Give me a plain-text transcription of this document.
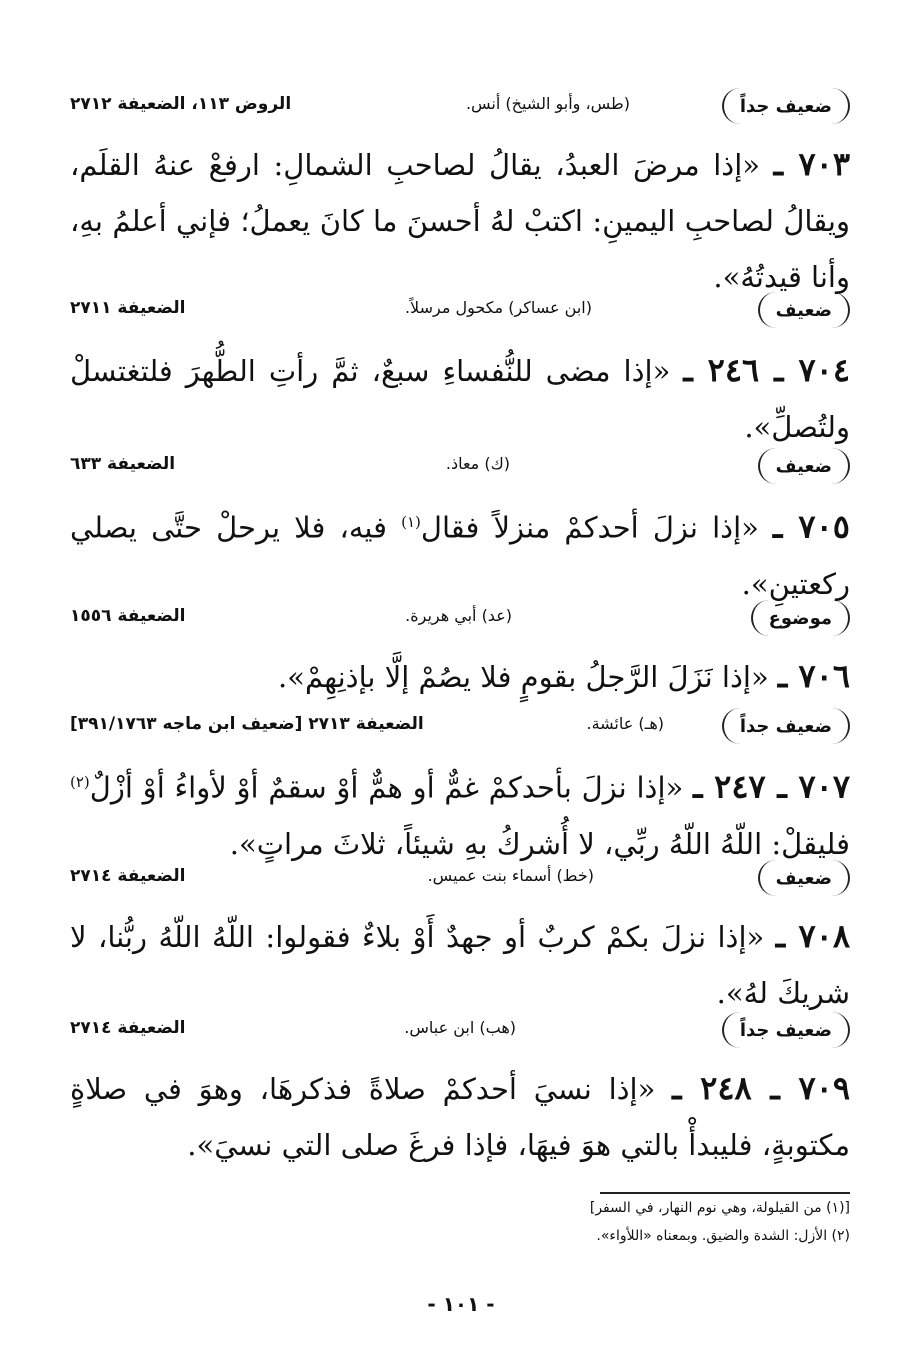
ضعيف جداً
(طس، وأبو الشيخ) أنس.
الروض ١١٣، الضعيفة ٢٧١٢
٧٠٣ ـ «إذا مرضَ العبدُ، يقالُ لصاحبِ الشمالِ: ارفعْ عنهُ القلَم، ويقالُ لصاحبِ اليمينِ: اكتبْ لهُ أحسنَ ما كانَ يعملُ؛ فإني أعلمُ بهِ، وأنا قيدتُهُ».
ضعيف
(ابن عساكر) مكحول مرسلاً.
الضعيفة ٢٧١١
٧٠٤ ـ ٢٤٦ ـ «إذا مضى للنُّفساءِ سبعٌ، ثمَّ رأتِ الطُّهرَ فلتغتسلْ ولتُصلِّ».
ضعيف
(ك) معاذ.
الضعيفة ٦٣٣
٧٠٥ ـ «إذا نزلَ أحدكمْ منزلاً فقال$^{(١)}$ فيه، فلا يرحلْ حتَّى يصلي ركعتينِ».
موضوع
(عد) أبي هريرة.
الضعيفة ١٥٥٦
٧٠٦ ـ «إذا نَزَلَ الرَّجلُ بقومٍ فلا يصُمْ إلَّا بإذنِهِمْ».
ضعيف جداً
(هـ) عائشة.
الضعيفة ٢٧١٣ [ضعيف ابن ماجه ٣٩١/١٧٦٣]
٧٠٧ ـ ٢٤٧ ـ «إذا نزلَ بأحدكمْ غمٌّ أو همٌّ أوْ سقمٌ أوْ لأواءُ أوْ أزْلٌ$^{(٢)}$ فليقلْ: اللّهُ اللّهُ ربِّي، لا أُشركُ بهِ شيئاً، ثلاثَ مراتٍ».
ضعيف
(خط) أسماء بنت عميس.
الضعيفة ٢٧١٤
٧٠٨ ـ «إذا نزلَ بكمْ كربٌ أو جهدٌ أَوْ بلاءٌ فقولوا: اللّهُ اللّهُ ربُّنا، لا شريكَ لهُ».
ضعيف جداً
(هب) ابن عباس.
الضعيفة ٢٧١٤
٧٠٩ ـ ٢٤٨ ـ «إذا نسيَ أحدكمْ صلاةً فذكرهَا، وهوَ في صلاةٍ مكتوبةٍ، فليبدأْ بالتي هوَ فيهَا، فإذا فرغَ صلى التي نسيَ».
[(١) من القيلولة، وهي نوم النهار، في السفر]
(٢) الأزل: الشدة والضيق. وبمعناه «اللأواء».
- ١٠١ -
